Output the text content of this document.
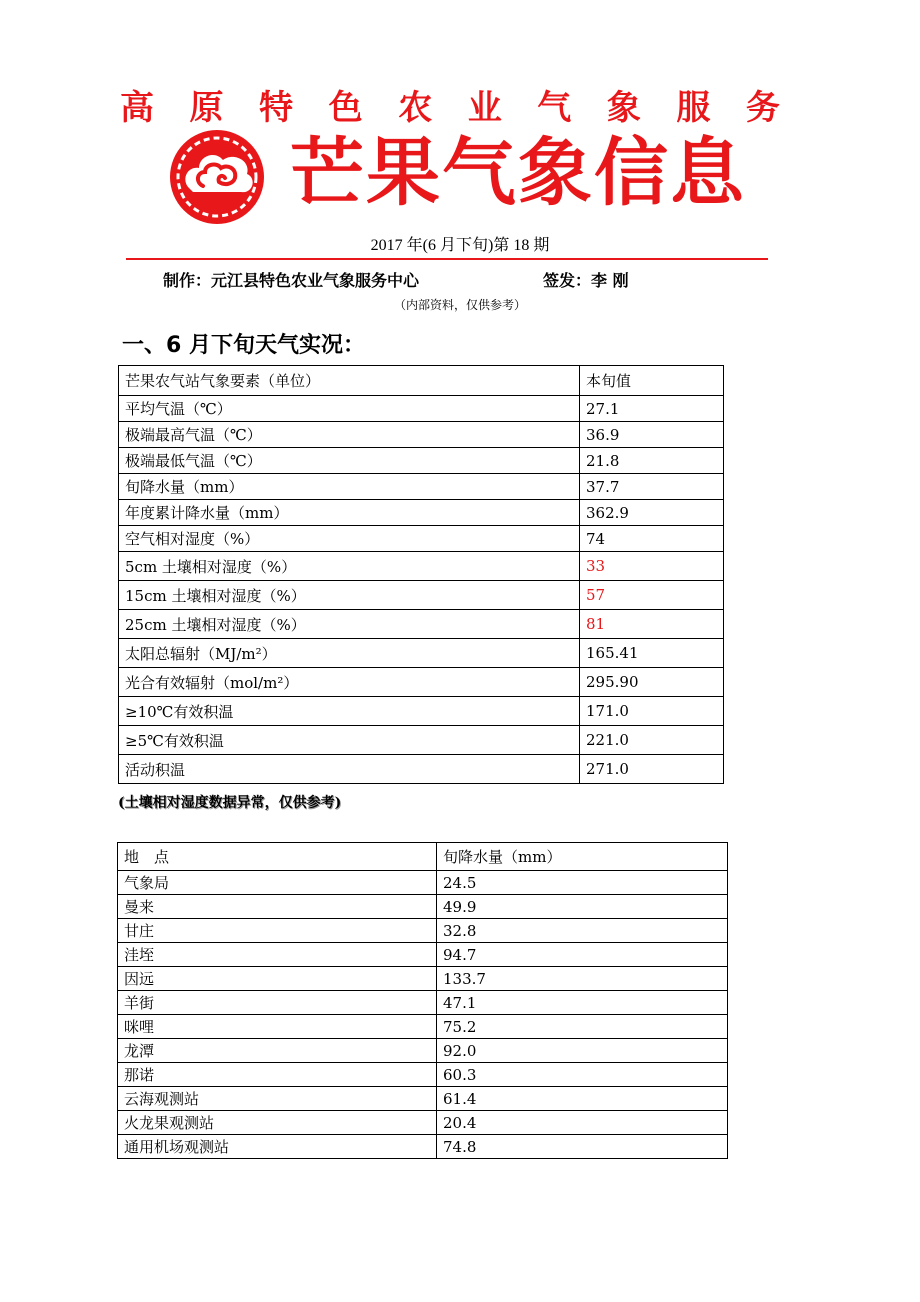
高 原 特 色 农 业 气 象 服 务
芒果气象信息
2017 年(6 月下旬)第 18 期
制作：元江县特色农业气象服务中心	签发：李 刚
（内部资料，仅供参考）
一、6 月下旬天气实况：
芒果农气站气象要素（单位）	本旬值
平均气温（℃）	27.1
极端最高气温（℃）	36.9
极端最低气温（℃）	21.8
旬降水量（mm）	37.7
年度累计降水量（mm）	362.9
空气相对湿度（%）	74
5cm 土壤相对湿度（%）	33
15cm 土壤相对湿度（%）	57
25cm 土壤相对湿度（%）	81
太阳总辐射（MJ/m²）	165.41
光合有效辐射（mol/m²）	295.90
≥10℃有效积温	171.0
≥5℃有效积温	221.0
活动积温	271.0
(土壤相对湿度数据异常，仅供参考)
地　点	旬降水量（mm）
气象局	24.5
曼来	49.9
甘庄	32.8
洼垤	94.7
因远	133.7
羊街	47.1
咪哩	75.2
龙潭	92.0
那诺	60.3
云海观测站	61.4
火龙果观测站	20.4
通用机场观测站	74.8
